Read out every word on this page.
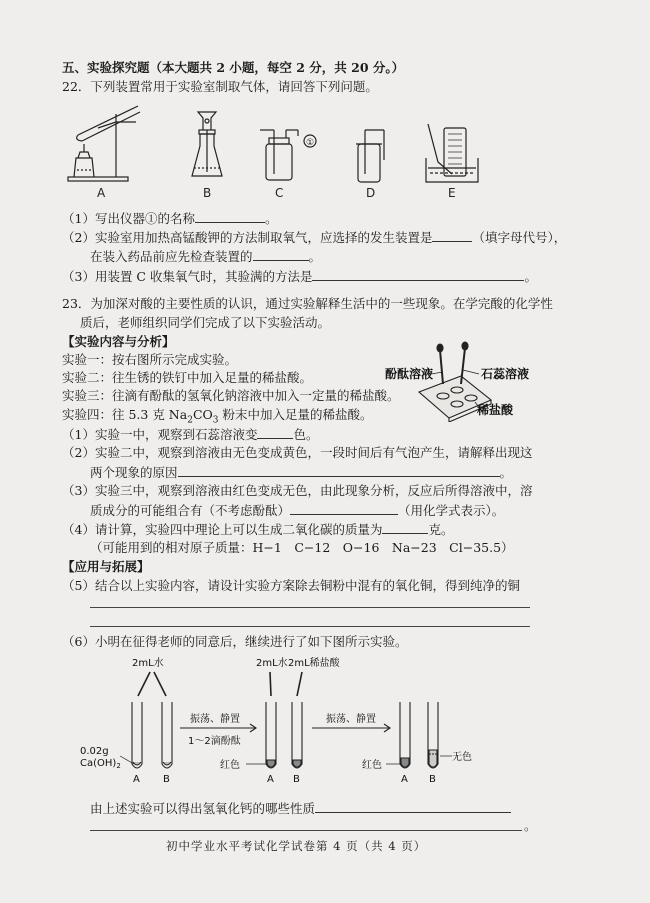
五、实验探究题（本大题共 2 小题，每空 2 分，共 20 分。）
22．下列装置常用于实验室制取气体，请回答下列问题。
A	B	C	D	E
①
（1）写出仪器①的名称	。
（2）实验室用加热高锰酸钾的方法制取氧气，应选择的发生装置是	（填字母代号），
在装入药品前应先检查装置的	。
（3）用装置 C 收集氧气时，其验满的方法是	。
23．为加深对酸的主要性质的认识，通过实验解释生活中的一些现象。在学完酸的化学性
质后，老师组织同学们完成了以下实验活动。
【实验内容与分析】
实验一：按右图所示完成实验。
实验二：往生锈的铁钉中加入足量的稀盐酸。
实验三：往滴有酚酞的氢氧化钠溶液中加入一定量的稀盐酸。
实验四：往 5.3 克 $Na_2CO_3$ 粉末中加入足量的稀盐酸。
酚酞溶液	石蕊溶液
稀盐酸
（1）实验一中，观察到石蕊溶液变	色。
（2）实验二中，观察到溶液由无色变成黄色，一段时间后有气泡产生，请解释出现这
两个现象的原因	。
（3）实验三中，观察到溶液由红色变成无色，由此现象分析，反应后所得溶液中，溶
质成分的可能组合有（不考虑酚酞）	（用化学式表示）。
（4）请计算，实验四中理论上可以生成二氧化碳的质量为	克。
（可能用到的相对原子质量：H−1　C−12　O−16　Na−23　Cl−35.5）
【应用与拓展】
（5）结合以上实验内容，请设计实验方案除去铜粉中混有的氧化铜，得到纯净的铜
（6）小明在征得老师的同意后，继续进行了如下图所示实验。
2mL水	2mL水 2mL稀盐酸
0.02g
$Ca(OH)_2$
振荡、静置
1～2滴酚酞
振荡、静置
红色	红色
无色
A B	A B	A B
由上述实验可以得出氢氧化钙的哪些性质
。
初中学业水平考试化学试卷第 4 页（共 4 页）
